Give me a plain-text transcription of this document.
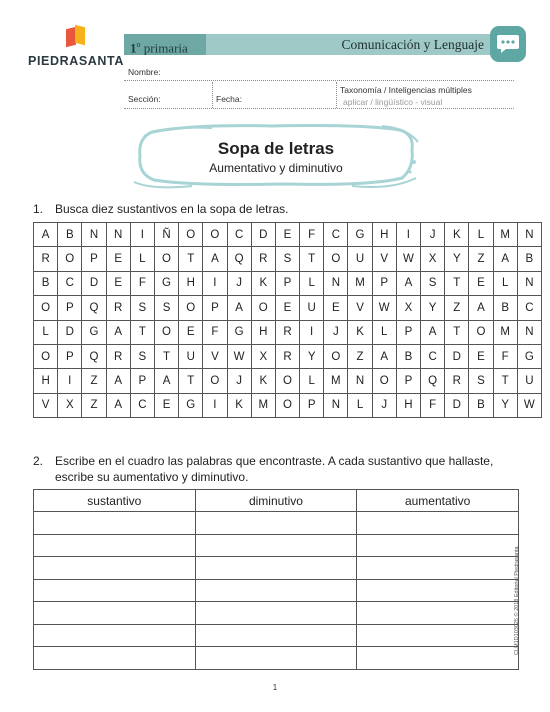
PIEDRASANTA
1$^o$ primaria	Comunicación y Lenguaje
Nombre:
Sección:	Fecha:
Taxonomía / Inteligencias múltiples
aplicar / lingüístico - visual
Sopa de letras
Aumentativo y diminutivo
1. Busca diez sustantivos en la sopa de letras.
A	B	N	N	I	Ñ	O	O	C	D	E	F	C	G	H	I	J	K	L	M	N
R	O	P	E	L	O	T	A	Q	R	S	T	O	U	V	W	X	Y	Z	A	B
B	C	D	E	F	G	H	I	J	K	P	L	N	M	P	A	S	T	E	L	N
O	P	Q	R	S	S	O	P	A	O	E	U	E	V	W	X	Y	Z	A	B	C
L	D	G	A	T	O	E	F	G	H	R	I	J	K	L	P	A	T	O	M	N
O	P	Q	R	S	T	U	V	W	X	R	Y	O	Z	A	B	C	D	E	F	G
H	I	Z	A	P	A	T	O	J	K	O	L	M	N	O	P	Q	R	S	T	U
V	X	Z	A	C	E	G	I	K	M	O	P	N	L	J	H	F	D	B	Y	W
2. Escribe en el cuadro las palabras que encontraste. A cada sustantivo que hallaste,
escribe su aumentativo y diminutivo.
sustantivo	diminutivo	aumentativo

CLM1D103025 © 2018 Editorial Piedrasanta
1
